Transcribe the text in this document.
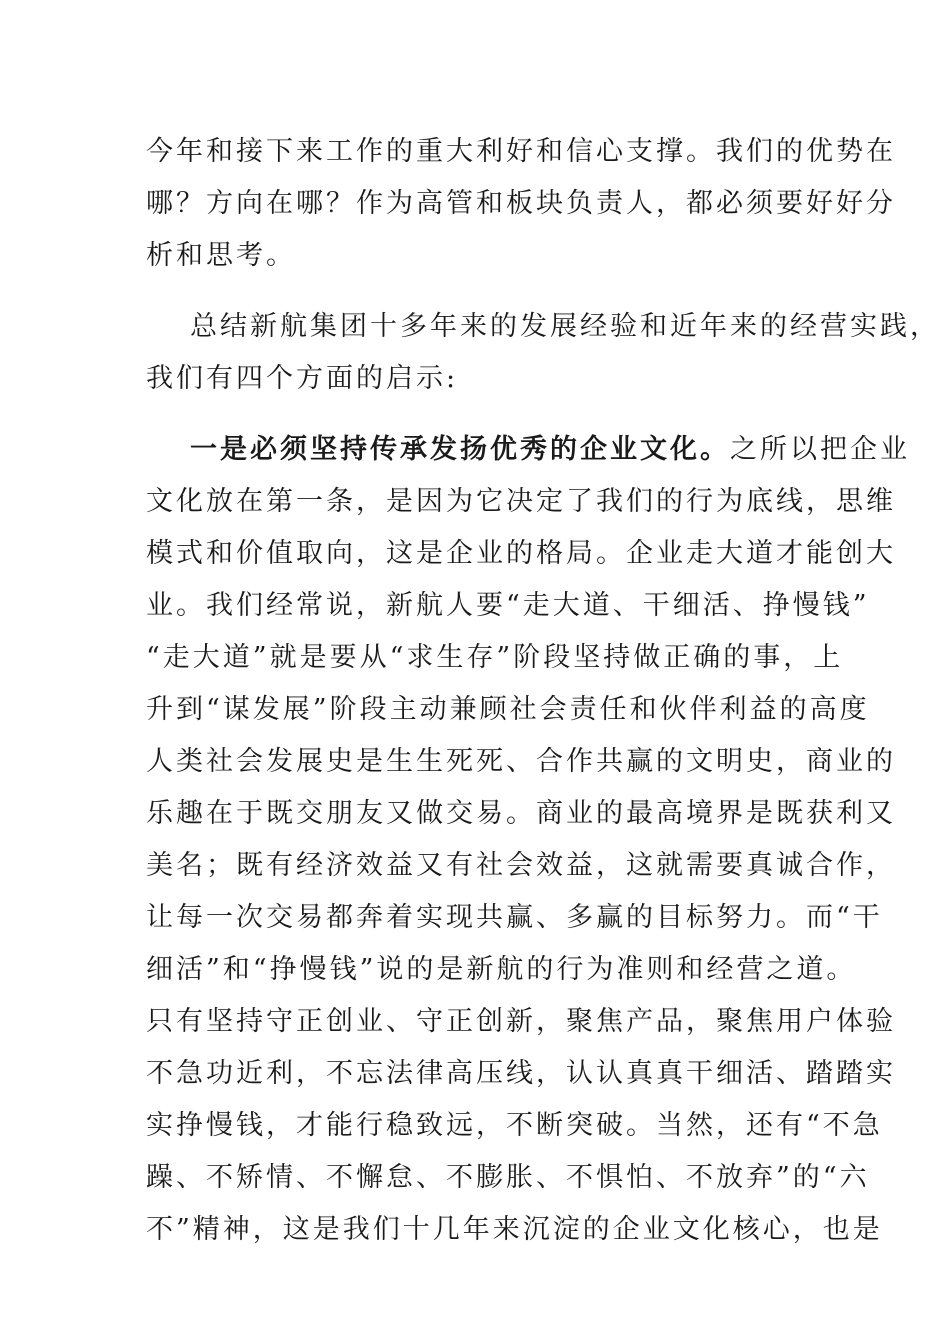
今年和接下来工作的重大利好和信心支撑。我们的优势在
哪？方向在哪？作为高管和板块负责人，都必须要好好分
析和思考。
总结新航集团十多年来的发展经验和近年来的经营实践，
我们有四个方面的启示:
一是必须坚持传承发扬优秀的企业文化。之所以把企业
文化放在第一条，是因为它决定了我们的行为底线，思维
模式和价值取向，这是企业的格局。企业走大道才能创大
业。我们经常说，新航人要“走大道、干细活、挣慢钱”
“走大道”就是要从“求生存”阶段坚持做正确的事，上
升到“谋发展”阶段主动兼顾社会责任和伙伴利益的高度
人类社会发展史是生生死死、合作共赢的文明史，商业的
乐趣在于既交朋友又做交易。商业的最高境界是既获利又
美名；既有经济效益又有社会效益，这就需要真诚合作，
让每一次交易都奔着实现共赢、多赢的目标努力。而“干
细活”和“挣慢钱”说的是新航的行为准则和经营之道。
只有坚持守正创业、守正创新，聚焦产品，聚焦用户体验
不急功近利，不忘法律高压线，认认真真干细活、踏踏实
实挣慢钱，才能行稳致远，不断突破。当然，还有“不急
躁、不矫情、不懈怠、不膨胀、不惧怕、不放弃”的“六
不”精神，这是我们十几年来沉淀的企业文化核心，也是
